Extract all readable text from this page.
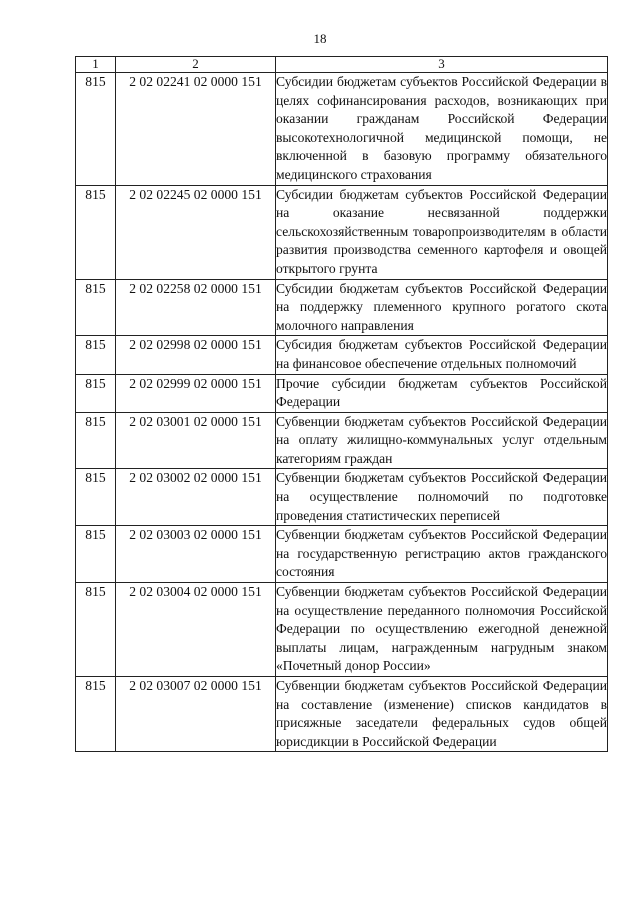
18
1	2	3
815	2 02 02241 02 0000 151	Субсидии бюджетам субъектов Российской Федерации в целях софинансирования расходов, возникающих при оказании гражданам Российской Федерации высокотехнологичной медицинской помощи, не включенной в базовую программу обязательного медицинского страхования
815	2 02 02245 02 0000 151	Субсидии бюджетам субъектов Российской Федерации на оказание несвязанной поддержки сельскохозяйственным товаропроизводителям в области развития производства семенного картофеля и овощей открытого грунта
815	2 02 02258 02 0000 151	Субсидии бюджетам субъектов Российской Федерации на поддержку племенного крупного рогатого скота молочного направления
815	2 02 02998 02 0000 151	Субсидия бюджетам субъектов Российской Федерации на финансовое обеспечение отдельных полномочий
815	2 02 02999 02 0000 151	Прочие субсидии бюджетам субъектов Российской Федерации
815	2 02 03001 02 0000 151	Субвенции бюджетам субъектов Российской Федерации на оплату жилищно-коммунальных услуг отдельным категориям граждан
815	2 02 03002 02 0000 151	Субвенции бюджетам субъектов Российской Федерации на осуществление полномочий по подготовке проведения статистических переписей
815	2 02 03003 02 0000 151	Субвенции бюджетам субъектов Российской Федерации на государственную регистрацию актов гражданского состояния
815	2 02 03004 02 0000 151	Субвенции бюджетам субъектов Российской Федерации на осуществление переданного полномочия Российской Федерации по осуществлению ежегодной денежной выплаты лицам, награжденным нагрудным знаком «Почетный донор России»
815	2 02 03007 02 0000 151	Субвенции бюджетам субъектов Российской Федерации на составление (изменение) списков кандидатов в присяжные заседатели федеральных судов общей юрисдикции в Российской Федерации
